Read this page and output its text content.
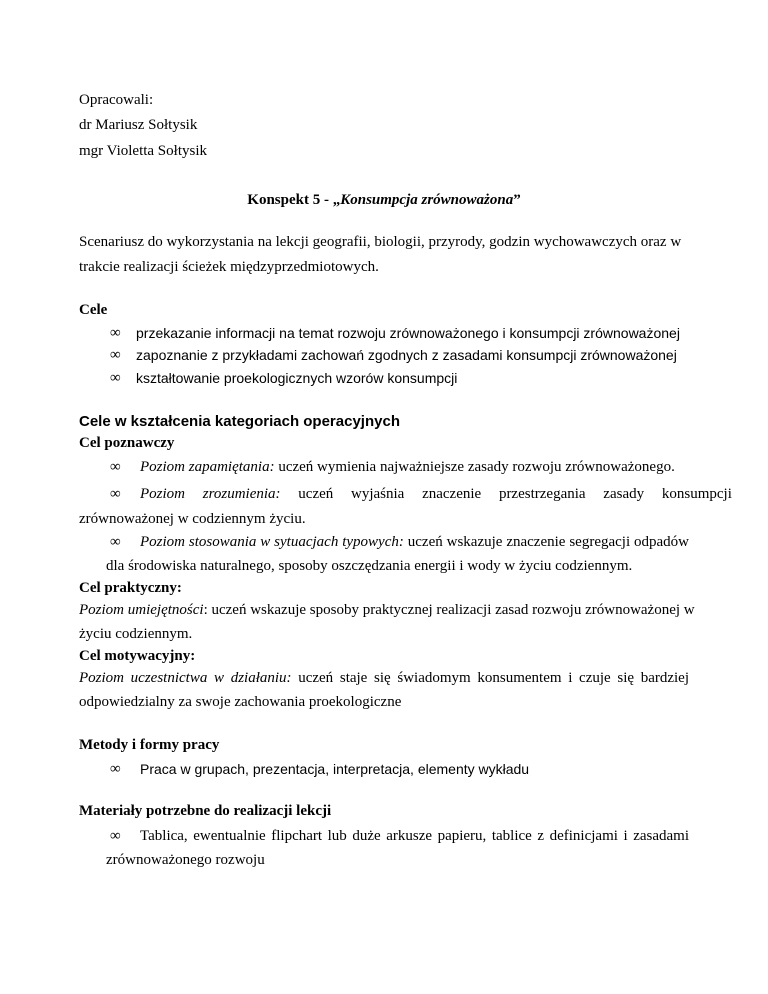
Opracowali:
dr Mariusz Sołtysik
mgr Violetta Sołtysik
Konspekt 5 - „Konsumpcja zrównoważona”
Scenariusz do wykorzystania na lekcji geografii, biologii, przyrody, godzin wychowawczych oraz w
trakcie realizacji ścieżek międzyprzedmiotowych.
Cele
∞ przekazanie informacji na temat rozwoju zrównoważonego i konsumpcji zrównoważonej
∞ zapoznanie z przykładami zachowań zgodnych z zasadami konsumpcji zrównoważonej
∞ kształtowanie proekologicznych wzorów konsumpcji
Cele w kształcenia kategoriach operacyjnych
Cel poznawczy
∞ Poziom zapamiętania: uczeń wymienia najważniejsze zasady rozwoju zrównoważonego.
∞ Poziom zrozumienia: uczeń wyjaśnia znaczenie przestrzegania zasady konsumpcji
zrównoważonej w codziennym życiu.
∞ Poziom stosowania w sytuacjach typowych: uczeń wskazuje znaczenie segregacji odpadów
dla środowiska naturalnego, sposoby oszczędzania energii i wody w życiu codziennym.
Cel praktyczny:
Poziom umiejętności: uczeń wskazuje sposoby praktycznej realizacji zasad rozwoju zrównoważonej w
życiu codziennym.
Cel motywacyjny:
Poziom uczestnictwa w działaniu: uczeń staje się świadomym konsumentem i czuje się bardziej
odpowiedzialny za swoje zachowania proekologiczne
Metody i formy pracy
∞ Praca w grupach, prezentacja, interpretacja, elementy wykładu
Materiały potrzebne do realizacji lekcji
∞ Tablica, ewentualnie flipchart lub duże arkusze papieru, tablice z definicjami i zasadami
zrównoważonego rozwoju
